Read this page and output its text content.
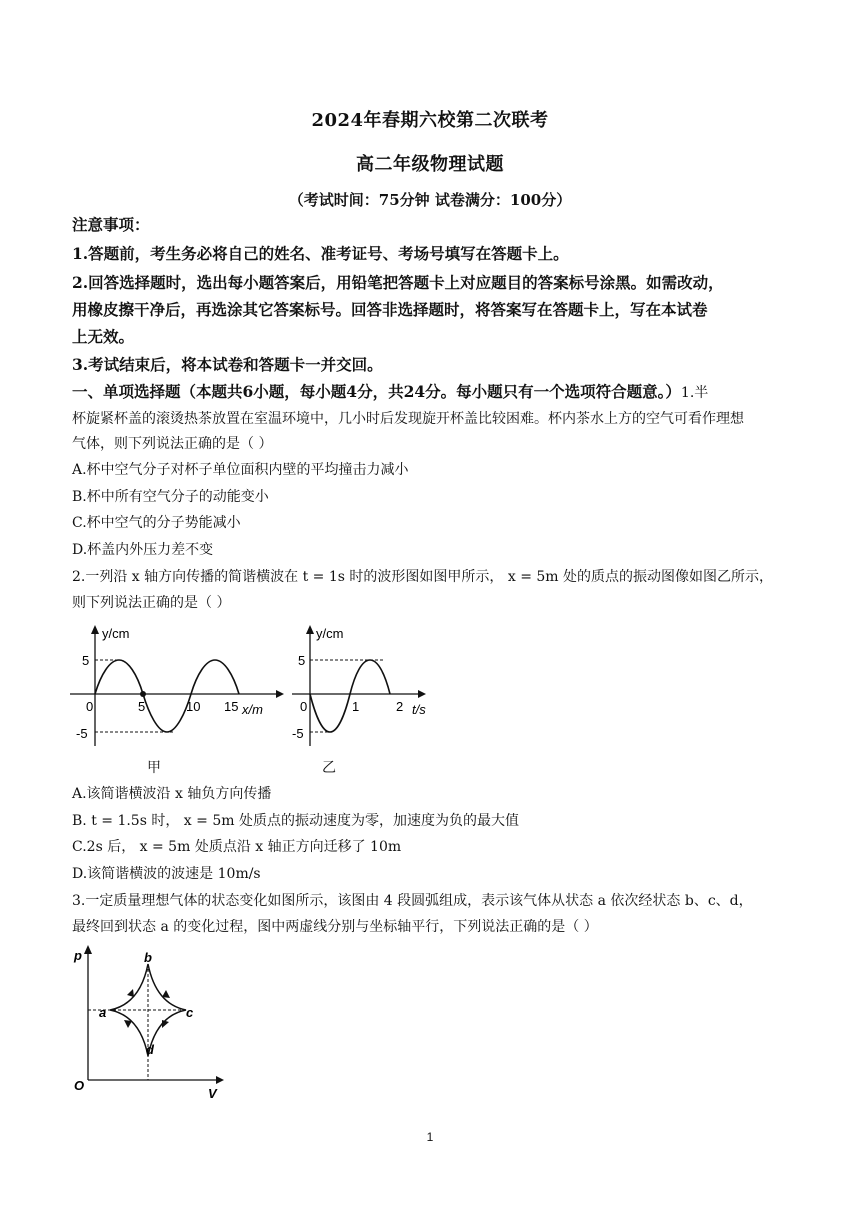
2024年春期六校第二次联考
高二年级物理试题
（考试时间：75分钟 试卷满分：100分）
注意事项：
1.答题前，考生务必将自己的姓名、准考证号、考场号填写在答题卡上。
2.回答选择题时，选出每小题答案后，用铅笔把答题卡上对应题目的答案标号涂黑。如需改动，
用橡皮擦干净后，再选涂其它答案标号。回答非选择题时，将答案写在答题卡上，写在本试卷
上无效。
3.考试结束后，将本试卷和答题卡一并交回。
一、单项选择题（本题共6小题，每小题4分，共24分。每小题只有一个选项符合题意。）1.半
杯旋紧杯盖的滚烫热茶放置在室温环境中，几小时后发现旋开杯盖比较困难。杯内茶水上方的空气可看作理想
气体，则下列说法正确的是（ ）
A.杯中空气分子对杯子单位面积内壁的平均撞击力减小
B.杯中所有空气分子的动能变小
C.杯中空气的分子势能减小
D.杯盖内外压力差不变
2.一列沿 x 轴方向传播的简谐横波在 t = 1s 时的波形图如图甲所示， x = 5m 处的质点的振动图像如图乙所示，
则下列说法正确的是（ ）
y/cm
x/m
5
-5
0	5	10 15
y/cm
t/s
5
-5
0	1	2
甲	乙
A.该简谐横波沿 x 轴负方向传播
B. t = 1.5s 时， x = 5m 处质点的振动速度为零，加速度为负的最大值
C.2s 后， x = 5m 处质点沿 x 轴正方向迁移了 10m
D.该简谐横波的波速是 10m/s
3.一定质量理想气体的状态变化如图所示，该图由 4 段圆弧组成，表示该气体从状态 a 依次经状态 b、c、d，
最终回到状态 a 的变化过程，图中两虚线分别与坐标轴平行，下列说法正确的是（ ）
p
V
O
a
b
c
d
1
